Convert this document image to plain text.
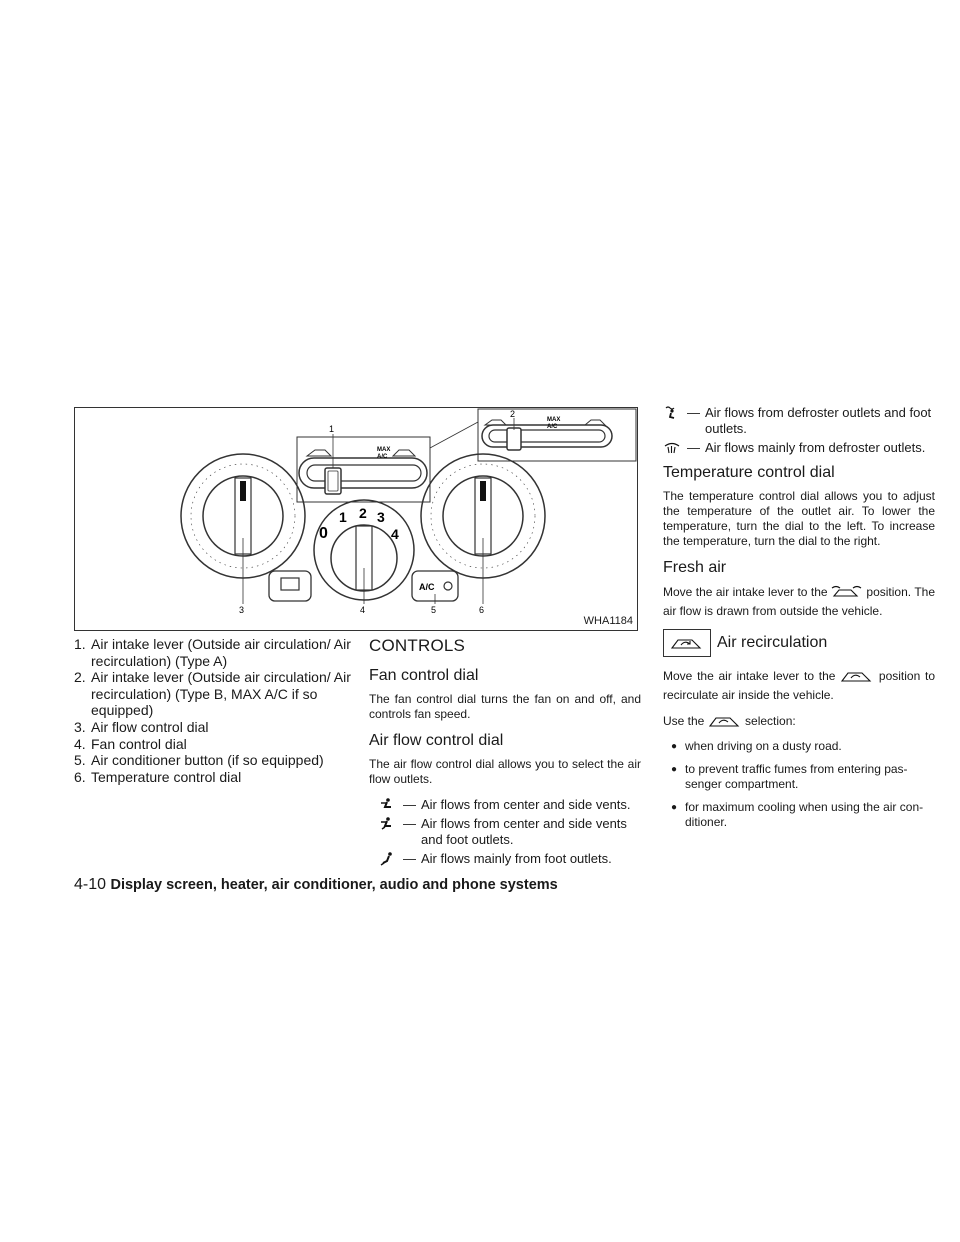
MAX
A/C
1
MAX
A/C
2
3
0
1 2 3
4
4
A/C
5	6
WHA1184
1. Air intake lever (Outside air circulation/ Air recirculation) (Type A)
2. Air intake lever (Outside air circulation/ Air recirculation) (Type B, MAX A/C if so equipped)
3. Air flow control dial
4. Fan control dial
5. Air conditioner button (if so equipped)
6. Temperature control dial
CONTROLS
Fan control dial

The fan control dial turns the fan on and off, and controls fan speed.

Air flow control dial

The air flow control dial allows you to select the air flow outlets.

— Air flows from center and side vents.
— Air flows from center and side vents and foot outlets.
— Air flows mainly from foot outlets.
— Air flows from defroster outlets and foot outlets.
— Air flows mainly from defroster outlets.
Temperature control dial

The temperature control dial allows you to adjust the temperature of the outlet air. To lower the temperature, turn the dial to the left. To increase the temperature, turn the dial to the right.

Fresh air

Move the air intake lever to the	position. The air flow is drawn from outside the vehicle.

Air recirculation

Move the air intake lever to the	position to recirculate air inside the vehicle.

Use the	selection:

● when driving on a dusty road.
● to prevent traffic fumes from entering pas- senger compartment.
● for maximum cooling when using the air con- ditioner.
4-10 Display screen, heater, air conditioner, audio and phone systems
